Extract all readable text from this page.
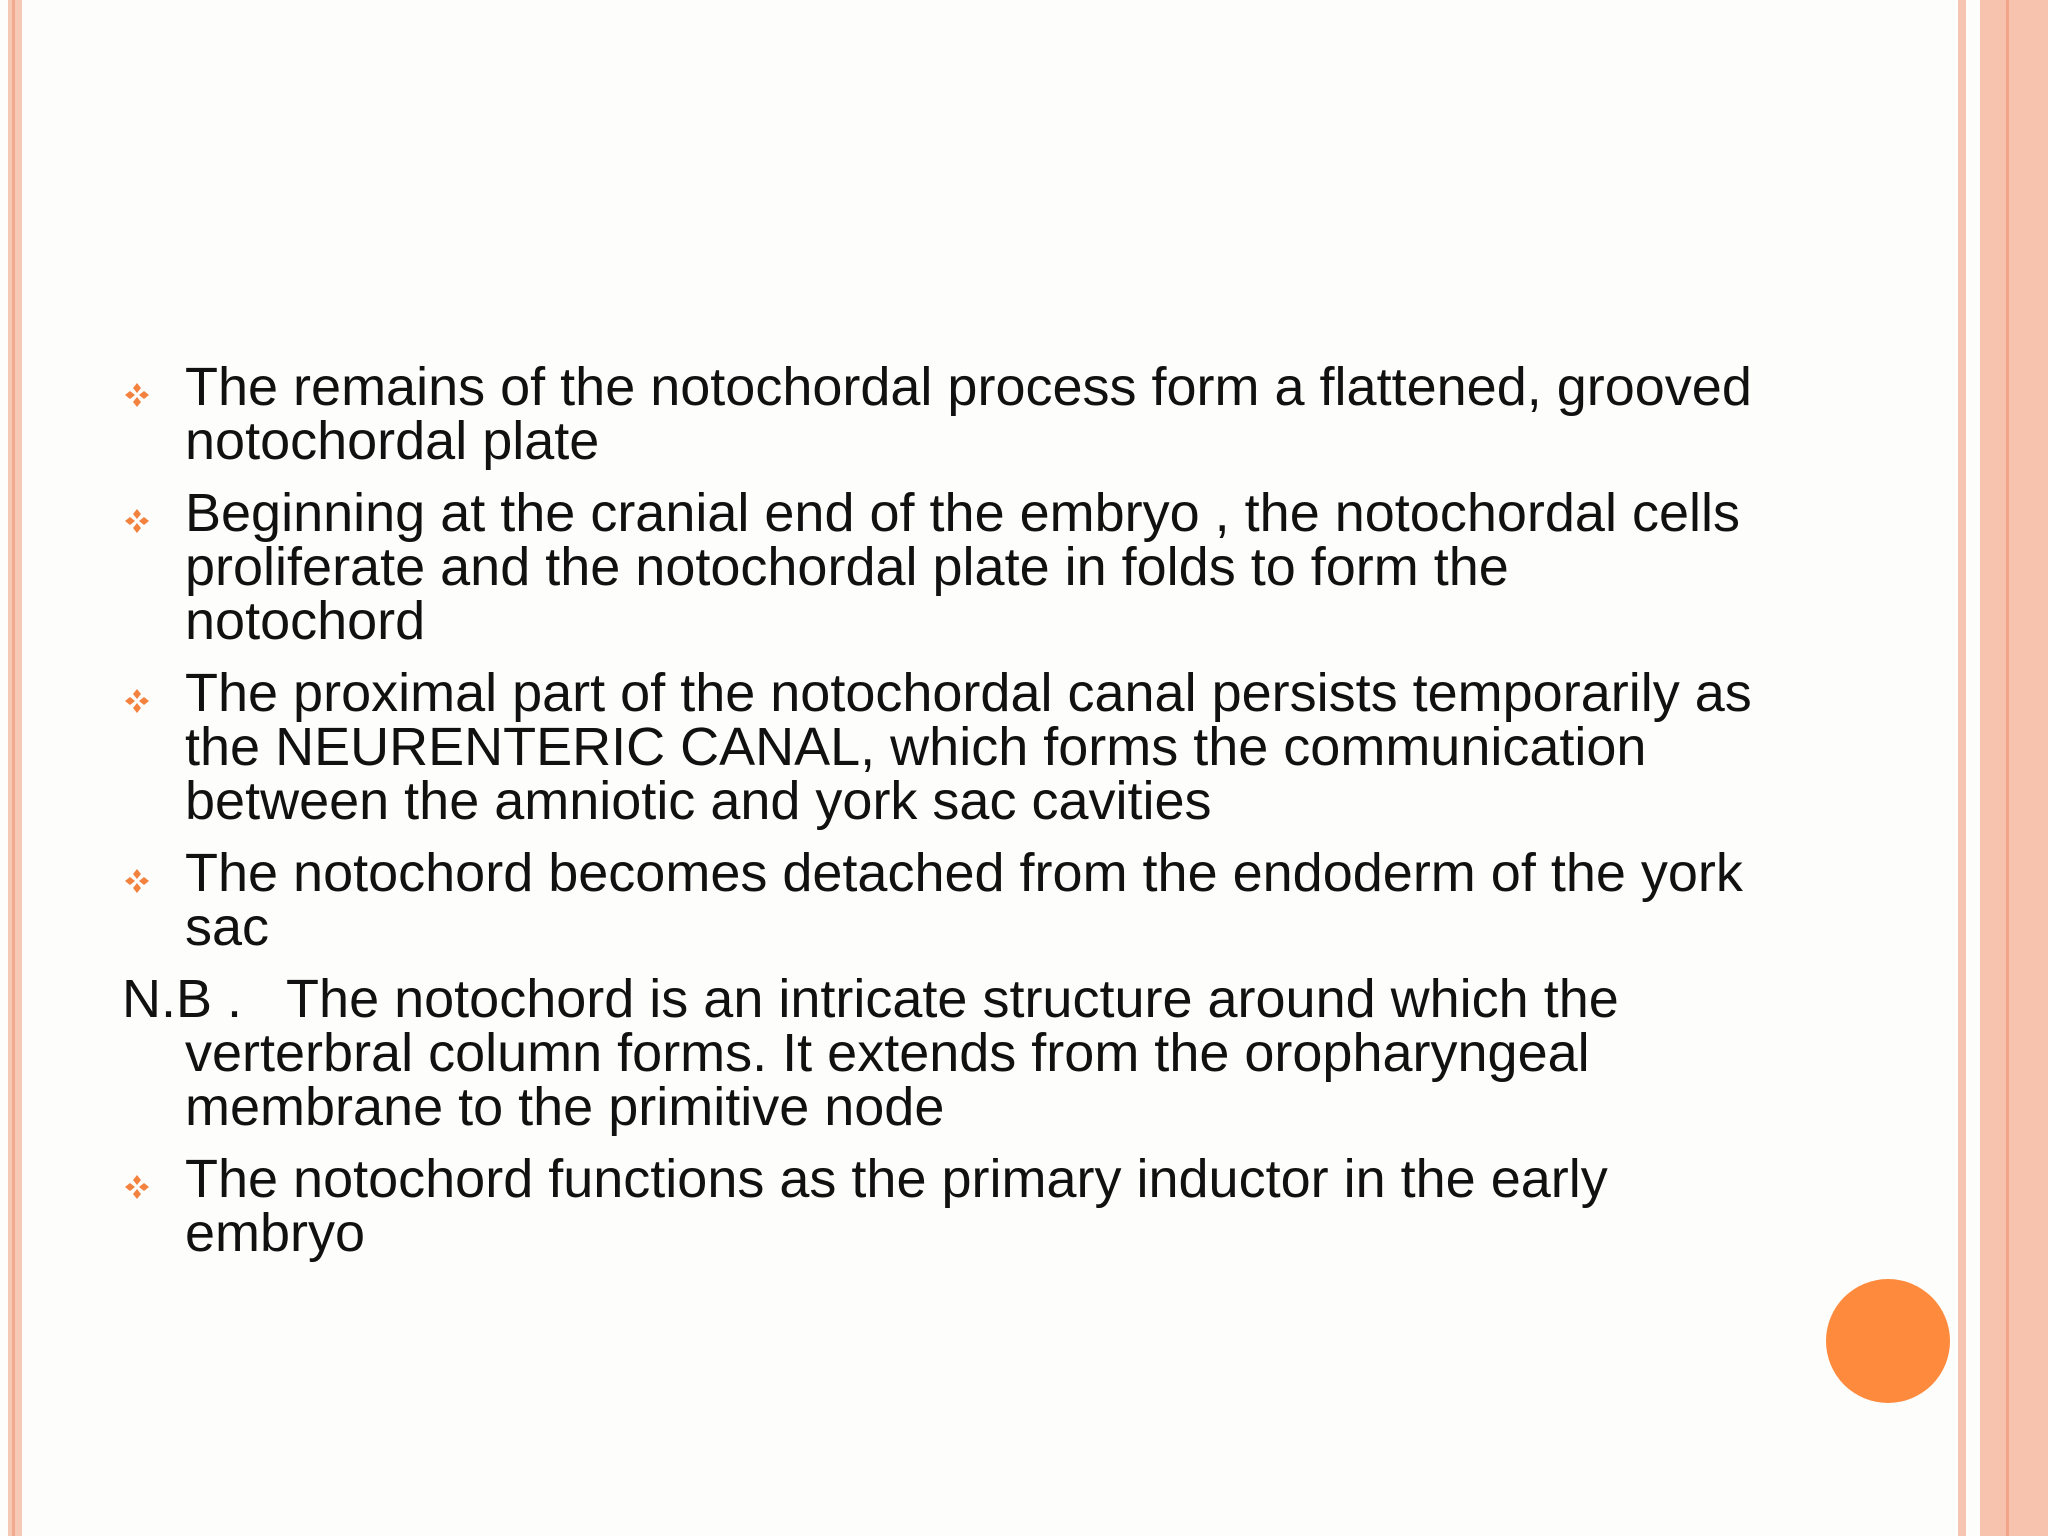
The remains of the notochordal process form a flattened, grooved notochordal plate
Beginning at the cranial end of the embryo , the notochordal cells proliferate and the notochordal plate in folds to form the notochord
The proximal part of the notochordal canal persists temporarily as the NEURENTERIC CANAL, which forms the communication between the amniotic and york sac cavities
The notochord becomes detached from the endoderm of the york sac
N.B .   The notochord is an intricate structure around which the verterbral column forms. It extends from the oropharyngeal membrane to the primitive node
The notochord functions as the primary inductor in the early embryo
